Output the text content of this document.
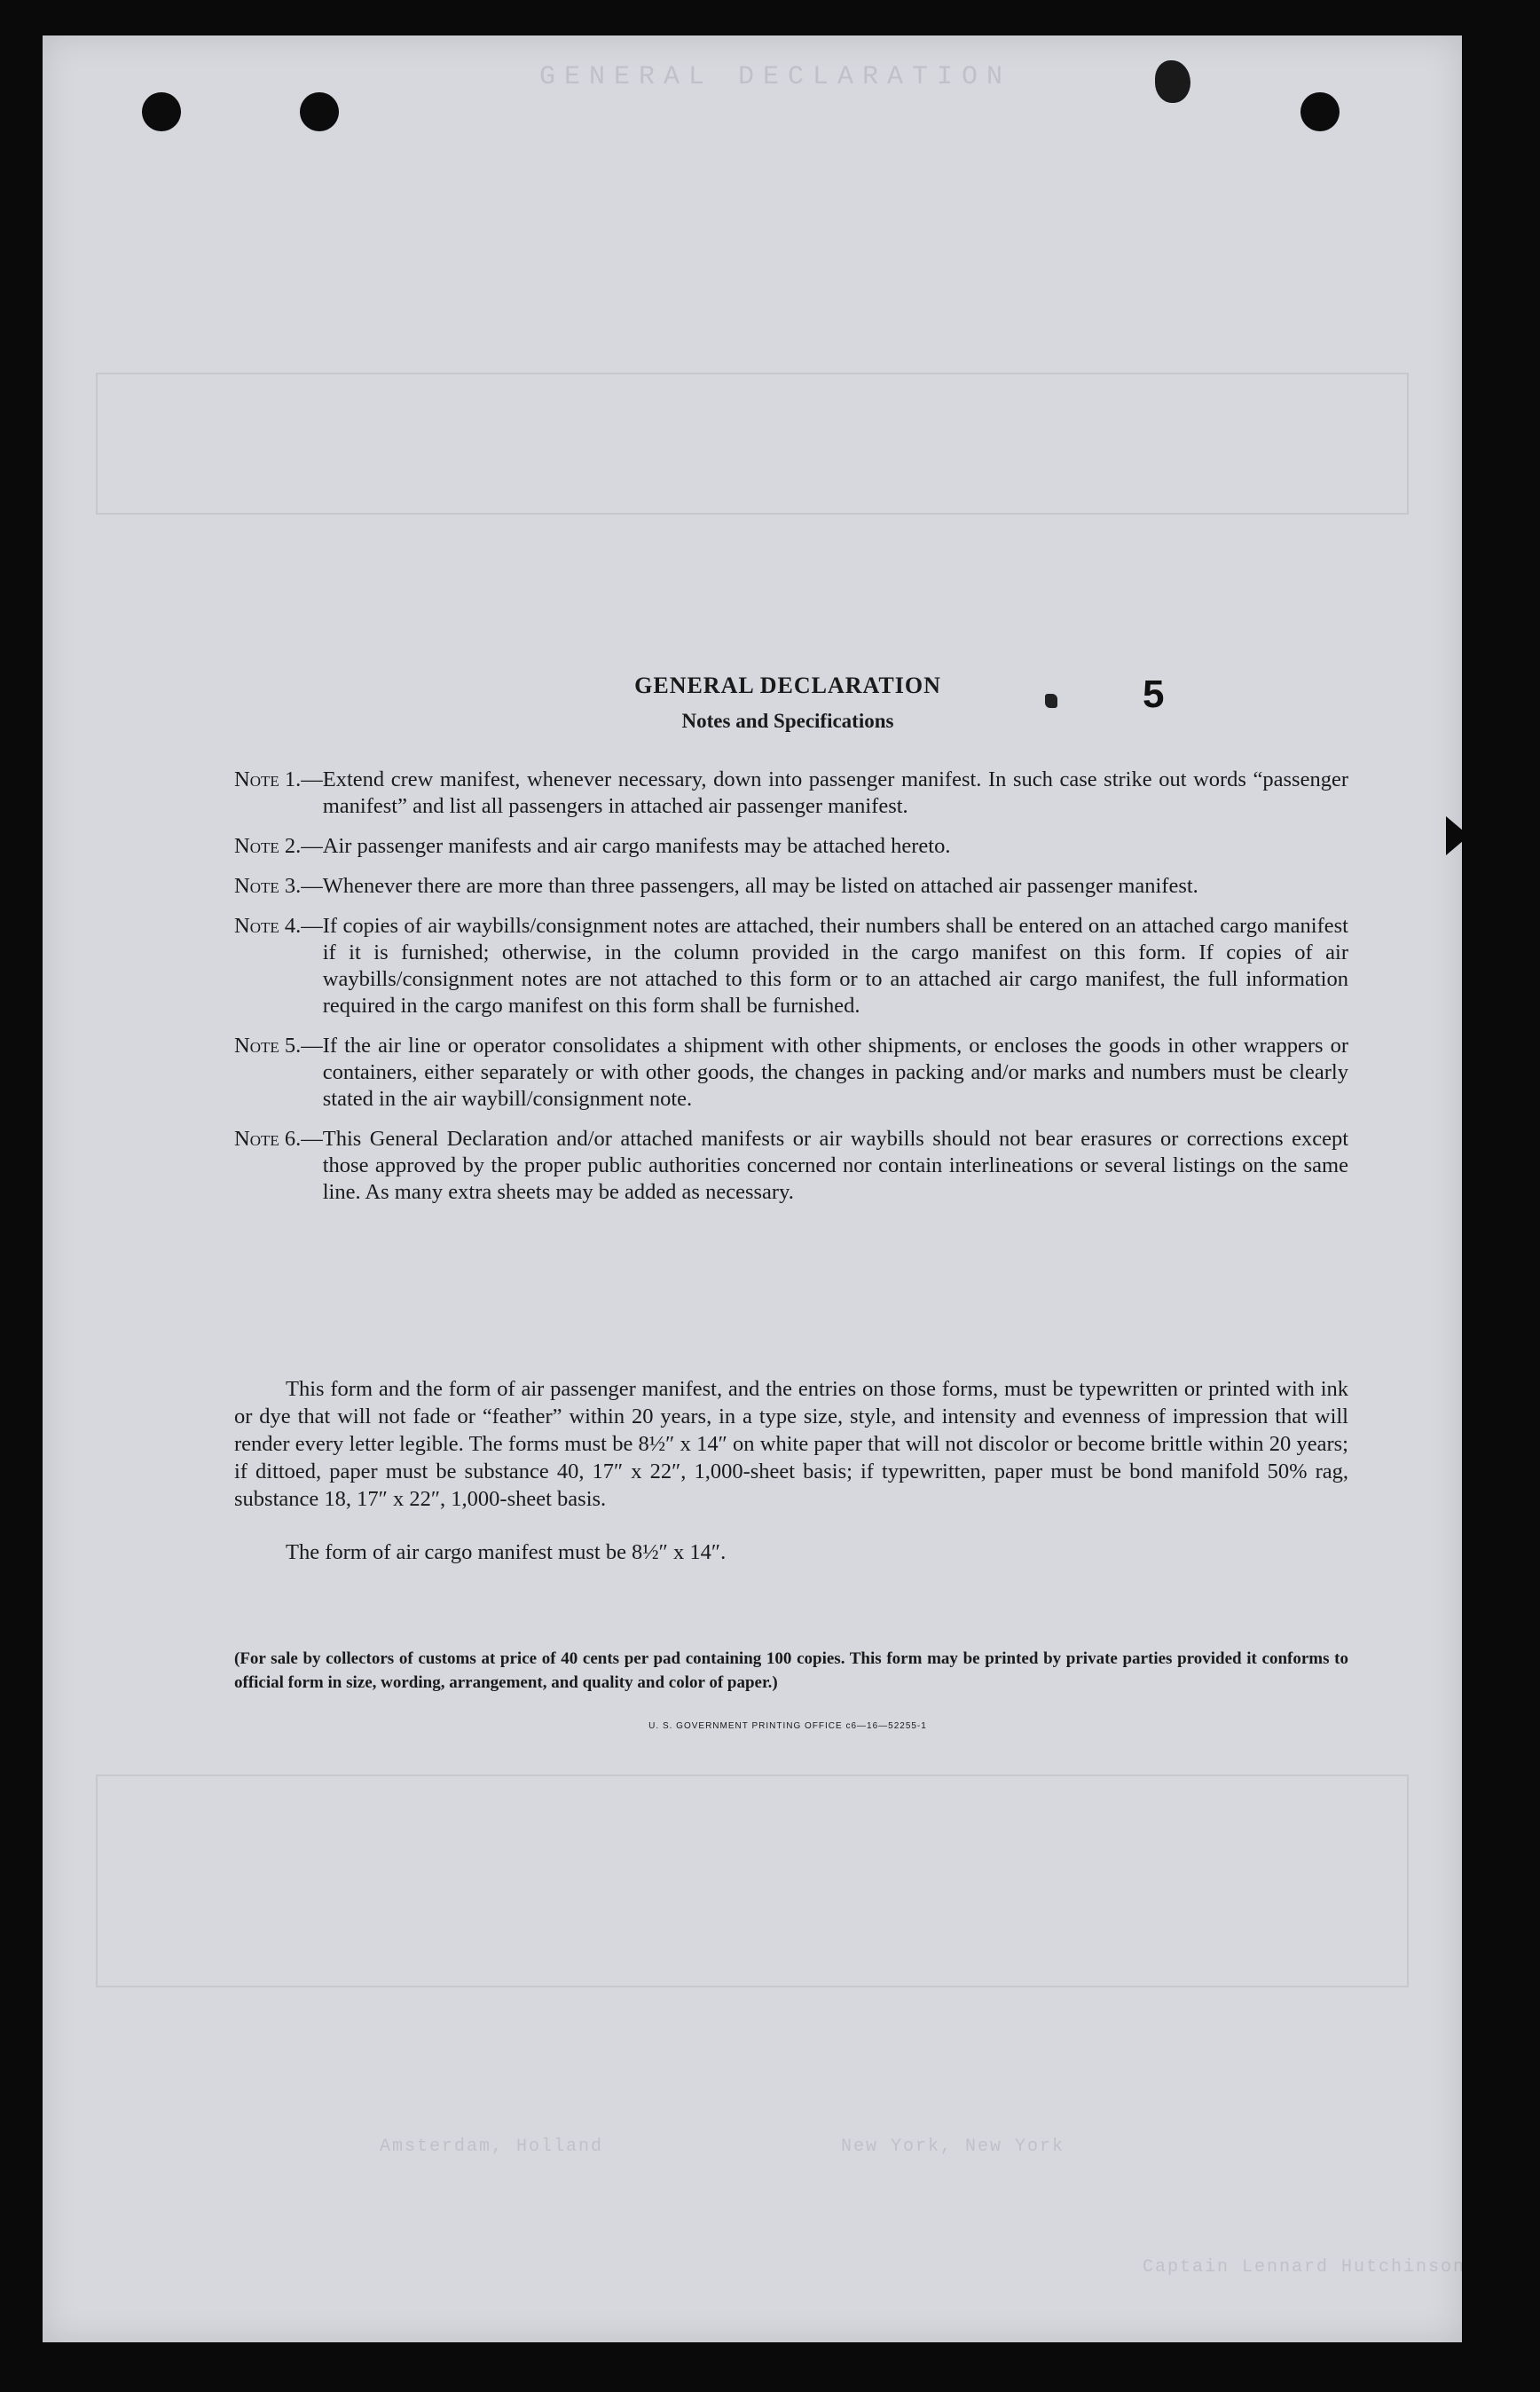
GENERAL DECLARATION
Amsterdam, Holland	New York, New York
Captain Lennard Hutchinson
GENERAL DECLARATION
Notes and Specifications
5
Note 1.— Extend crew manifest, whenever necessary, down into passenger manifest. In such case strike out words “passenger manifest” and list all passengers in attached air passenger manifest.
Note 2.— Air passenger manifests and air cargo manifests may be attached hereto.
Note 3.— Whenever there are more than three passengers, all may be listed on attached air passenger manifest.
Note 4.— If copies of air waybills/consignment notes are attached, their numbers shall be entered on an attached cargo manifest if it is furnished; otherwise, in the column provided in the cargo manifest on this form. If copies of air waybills/consignment notes are not attached to this form or to an attached air cargo manifest, the full information required in the cargo manifest on this form shall be furnished.
Note 5.— If the air line or operator consolidates a shipment with other shipments, or encloses the goods in other wrappers or containers, either separately or with other goods, the changes in packing and/or marks and numbers must be clearly stated in the air waybill/consignment note.
Note 6.— This General Declaration and/or attached manifests or air waybills should not bear erasures or corrections except those approved by the proper public authorities concerned nor contain interlineations or several listings on the same line. As many extra sheets may be added as necessary.

This form and the form of air passenger manifest, and the entries on those forms, must be typewritten or printed with ink or dye that will not fade or “feather” within 20 years, in a type size, style, and intensity and evenness of impression that will render every letter legible. The forms must be 8½″ x 14″ on white paper that will not discolor or become brittle within 20 years; if dittoed, paper must be substance 40, 17″ x 22″, 1,000-sheet basis; if typewritten, paper must be bond manifold 50% rag, substance 18, 17″ x 22″, 1,000-sheet basis.

The form of air cargo manifest must be 8½″ x 14″.

(For sale by collectors of customs at price of 40 cents per pad containing 100 copies. This form may be printed by private parties provided it conforms to official form in size, wording, arrangement, and quality and color of paper.)

U. S. GOVERNMENT PRINTING OFFICE c6—16—52255-1
